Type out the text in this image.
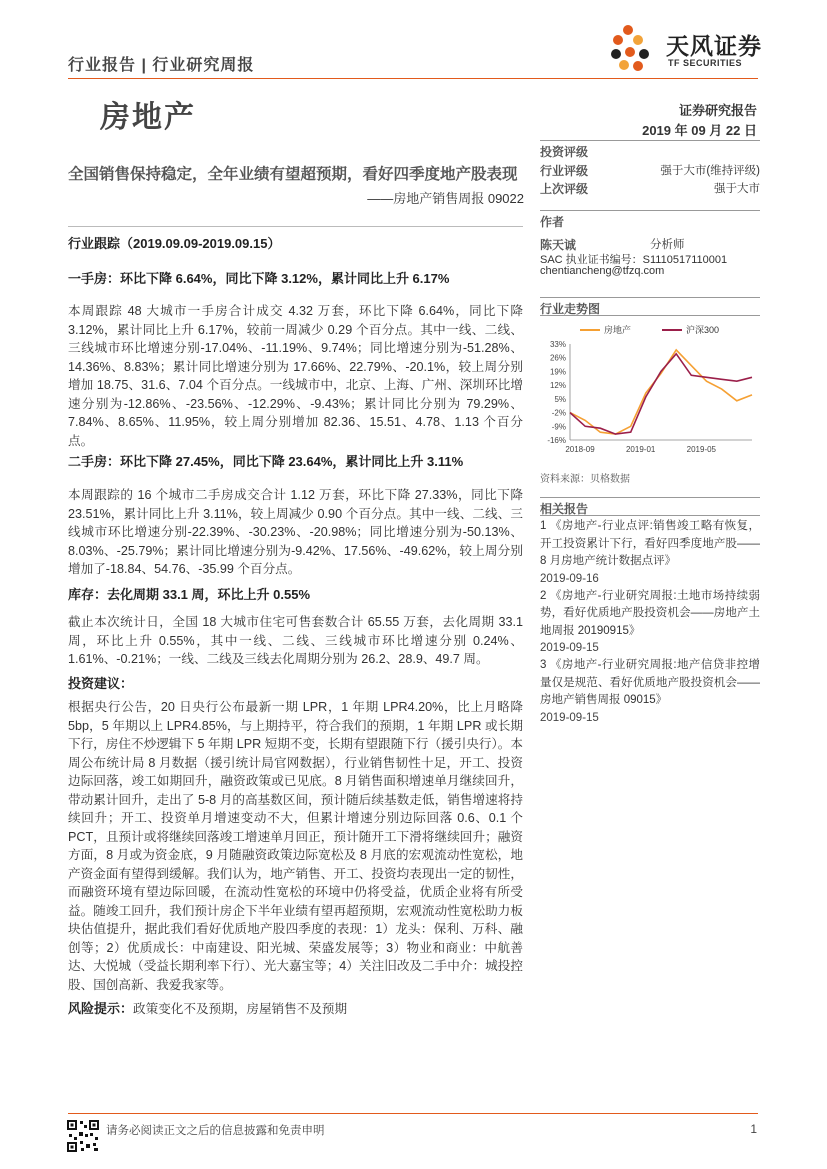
行业报告 | 行业研究周报
天风证券
TF SECURITIES
房地产	证券研究报告
2019 年 09 月 22 日
全国销售保持稳定，全年业绩有望超预期，看好四季度地产股表现
——房地产销售周报 09022
行业跟踪（2019.09.09-2019.09.15）
一手房：环比下降 6.64%，同比下降 3.12%，累计同比上升 6.17%
本周跟踪 48 大城市一手房合计成交 4.32 万套，环比下降 6.64%，同比下降 3.12%，累计同比上升 6.17%，较前一周减少 0.29 个百分点。其中一线、二线、三线城市环比增速分别-17.04%、-11.19%、9.74%；同比增速分别为-51.28%、14.36%、8.83%；累计同比增速分别为 17.66%、22.79%、-20.1%，较上周分别增加 18.75、31.6、7.04 个百分点。一线城市中，北京、上海、广州、深圳环比增速分别为-12.86%、-23.56%、-12.29%、-9.43%；累计同比分别为 79.29%、7.84%、8.65%、11.95%，较上周分别增加 82.36、15.51、4.78、1.13 个百分点。
二手房：环比下降 27.45%，同比下降 23.64%，累计同比上升 3.11%
本周跟踪的 16 个城市二手房成交合计 1.12 万套，环比下降 27.33%，同比下降 23.51%，累计同比上升 3.11%，较上周减少 0.90 个百分点。其中一线、二线、三线城市环比增速分别-22.39%、-30.23%、-20.98%；同比增速分别为-50.13%、8.03%、-25.79%；累计同比增速分别为-9.42%、17.56%、-49.62%，较上周分别增加了-18.84、54.76、-35.99 个百分点。
库存：去化周期 33.1 周，环比上升 0.55%
截止本次统计日，全国 18 大城市住宅可售套数合计 65.55 万套，去化周期 33.1 周，环比上升 0.55%，其中一线、二线、三线城市环比增速分别 0.24%、1.61%、-0.21%；一线、二线及三线去化周期分别为 26.2、28.9、49.7 周。
投资建议：
根据央行公告，20 日央行公布最新一期 LPR，1 年期 LPR4.20%，比上月略降 5bp，5 年期以上 LPR4.85%，与上期持平，符合我们的预期，1 年期 LPR 或长期下行，房住不炒逻辑下 5 年期 LPR 短期不变，长期有望跟随下行（援引央行）。本周公布统计局 8 月数据（援引统计局官网数据），行业销售韧性十足，开工、投资边际回落，竣工如期回升，融资政策或已见底。8 月销售面积增速单月继续回升，带动累计回升，走出了 5-8 月的高基数区间，预计随后续基数走低，销售增速将持续回升；开工、投资单月增速变动不大，但累计增速分别边际回落 0.6、0.1 个 PCT，且预计或将继续回落竣工增速单月回正，预计随开工下滑将继续回升；融资方面，8 月或为资金底，9 月随融资政策边际宽松及 8 月底的宏观流动性宽松，地产资金面有望得到缓解。我们认为，地产销售、开工、投资均表现出一定的韧性，而融资环境有望边际回暖，在流动性宽松的环境中仍将受益，优质企业将有所受益。随竣工回升，我们预计房企下半年业绩有望再超预期，宏观流动性宽松助力板块估值提升，据此我们看好优质地产股四季度的表现：1）龙头：保利、万科、融创等；2）优质成长：中南建设、阳光城、荣盛发展等；3）物业和商业：中航善达、大悦城（受益长期利率下行）、光大嘉宝等；4）关注旧改及二手中介：城投控股、国创高新、我爱我家等。
风险提示：政策变化不及预期，房屋销售不及预期
投资评级
行业评级	强于大市(维持评级)
上次评级	强于大市
作者
陈天诚	分析师
SAC 执业证书编号：S1110517110001
chentiancheng@tfzq.com
行业走势图
33%
26%
19%
12%
5%
-2%
-9%
-16%
2018-09	2019-01	2019-05
房地产	沪深300
资料来源：贝格数据
相关报告
1 《房地产-行业点评:销售竣工略有恢复，开工投资累计下行，看好四季度地产股——8 月房地产统计数据点评》
2019-09-16
2 《房地产-行业研究周报:土地市场持续弱势，看好优质地产股投资机会——房地产土地周报 20190915》
2019-09-15
3 《房地产-行业研究周报:地产信贷非控增量仅是规范、看好优质地产股投资机会——房地产销售周报 09015》
2019-09-15
请务必阅读正文之后的信息披露和免责申明	1
